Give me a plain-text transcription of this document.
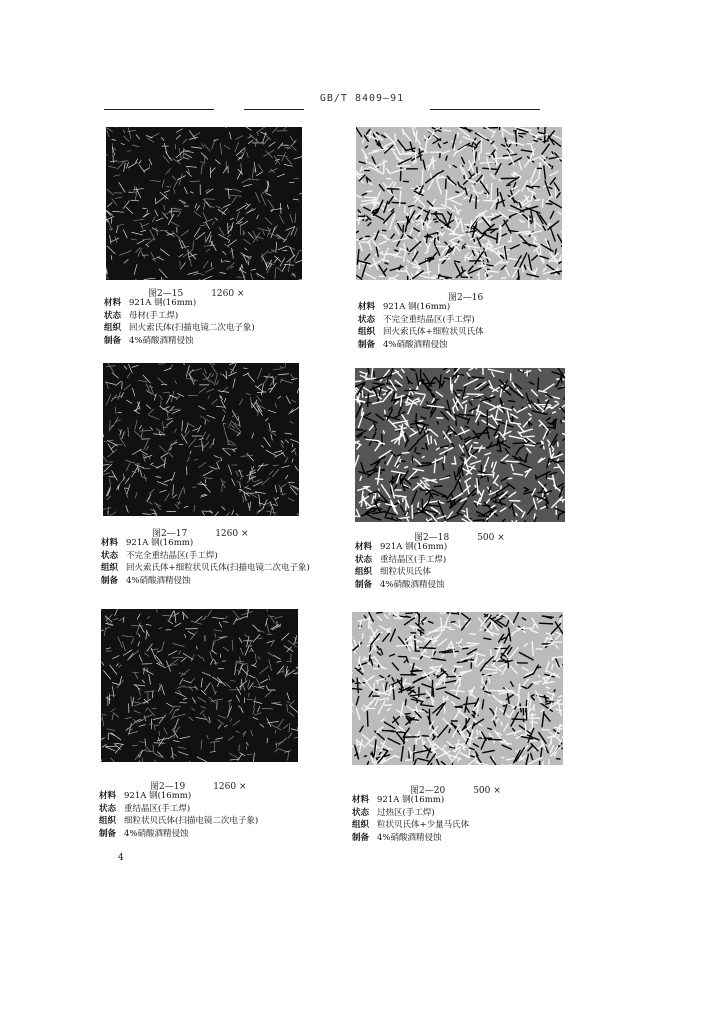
GB/T 8409—91
图2—15	1260 ×
材料 921A 钢(16mm)
状态 母材(手工焊)
组织 回火索氏体(扫描电镜二次电子象)
制备 4%硝酸酒精侵蚀
图2—16
材料 921A 钢(16mm)
状态 不完全重结晶区(手工焊)
组织 回火索氏体+细粒状贝氏体
制备 4%硝酸酒精侵蚀
图2—17	1260 ×
材料 921A 钢(16mm)
状态 不完全重结晶区(手工焊)
组织 回火索氏体+细粒状贝氏体(扫描电镜二次电子象)
制备 4%硝酸酒精侵蚀
图2—18	500 ×
材料 921A 钢(16mm)
状态 重结晶区(手工焊)
组织 细粒状贝氏体
制备 4%硝酸酒精侵蚀
图2—19	1260 ×
材料 921A 钢(16mm)
状态 重结晶区(手工焊)
组织 细粒状贝氏体(扫描电镜二次电子象)
制备 4%硝酸酒精侵蚀
图2—20	500 ×
材料 921A 钢(16mm)
状态 过热区(手工焊)
组织 粒状贝氏体+少量马氏体
制备 4%硝酸酒精侵蚀
4
